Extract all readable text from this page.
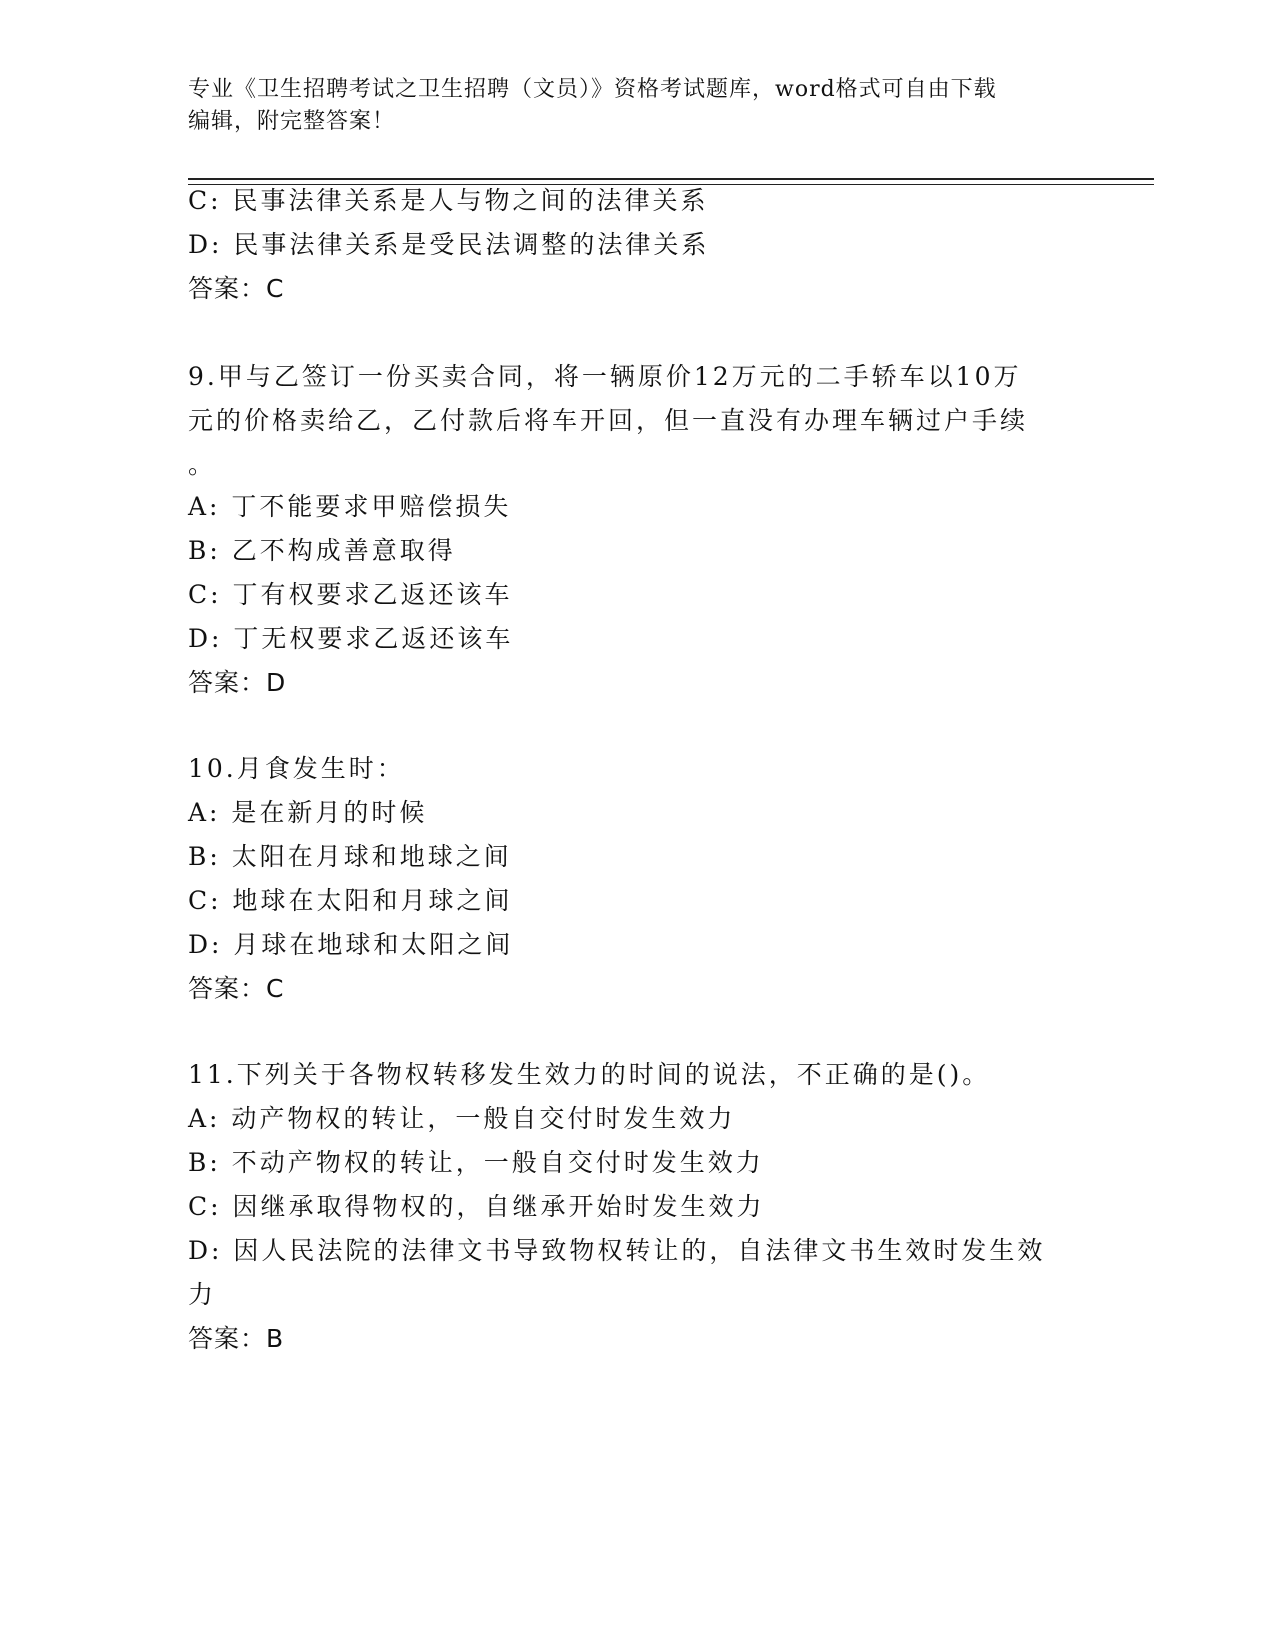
专业《卫生招聘考试之卫生招聘（文员）》资格考试题库，word格式可自由下载
编辑，附完整答案！
C: 民事法律关系是人与物之间的法律关系
D: 民事法律关系是受民法调整的法律关系
答案：C
9.甲与乙签订一份买卖合同，将一辆原价12万元的二手轿车以10万
元的价格卖给乙，乙付款后将车开回，但一直没有办理车辆过户手续
。
A: 丁不能要求甲赔偿损失
B: 乙不构成善意取得
C: 丁有权要求乙返还该车
D: 丁无权要求乙返还该车
答案：D
10.月食发生时：
A: 是在新月的时候
B: 太阳在月球和地球之间
C: 地球在太阳和月球之间
D: 月球在地球和太阳之间
答案：C
11.下列关于各物权转移发生效力的时间的说法，不正确的是()。
A: 动产物权的转让，一般自交付时发生效力
B: 不动产物权的转让，一般自交付时发生效力
C: 因继承取得物权的，自继承开始时发生效力
D: 因人民法院的法律文书导致物权转让的，自法律文书生效时发生效
力
答案：B
